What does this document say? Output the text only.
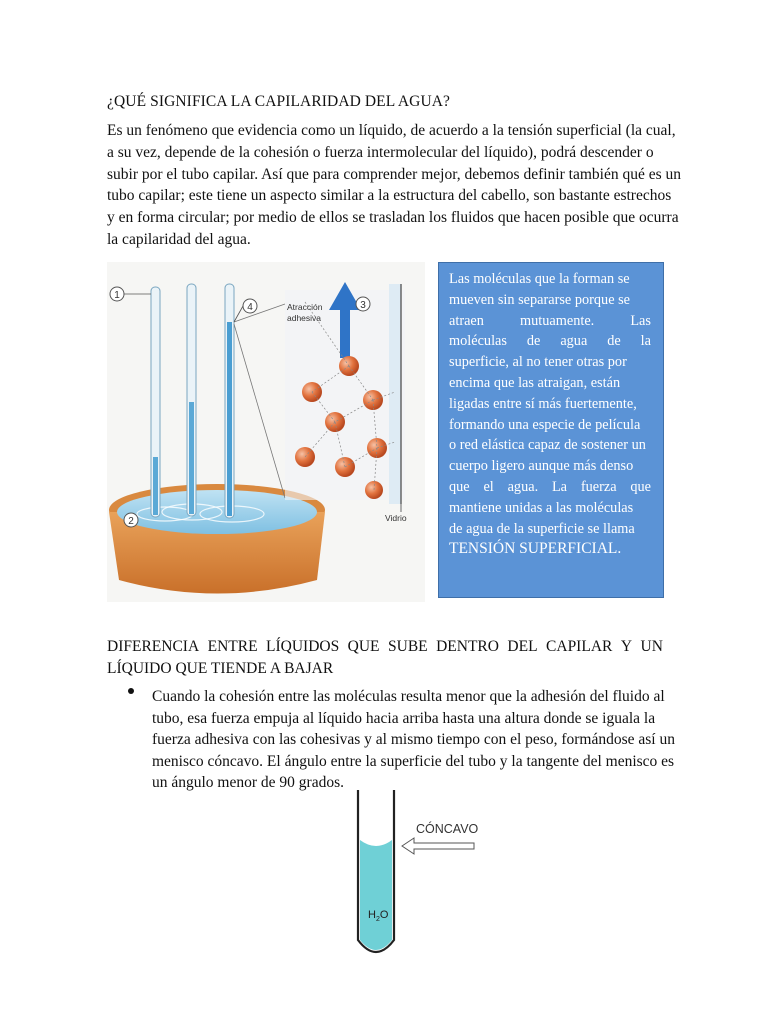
¿QUÉ SIGNIFICA LA CAPILARIDAD DEL AGUA?
Es un fenómeno que evidencia como un líquido, de acuerdo a la tensión superficial (la cual,
a su vez, depende de la cohesión o fuerza intermolecular del líquido), podrá descender o
subir por el tubo capilar. Así que para comprender mejor, debemos definir también qué es un
tubo capilar; este tiene un aspecto similar a la estructura del cabello, son bastante estrechos
y en forma circular; por medio de ellos se trasladan los fluidos que hacen posible que ocurra
la capilaridad del agua.
1
2
3
4	Atracción
adhesiva
Vidrio
Las moléculas que la forman se
mueven sin separarse porque se
atraen	mutuamente.	Las
moléculas de agua de la
superficie, al no tener otras por
encima que las atraigan, están
ligadas entre sí más fuertemente,
formando una especie de película
o red elástica capaz de sostener un
cuerpo ligero aunque más denso
que el agua. La fuerza que
mantiene unidas a las moléculas
de agua de la superficie se llama
TENSIÓN SUPERFICIAL.
DIFERENCIA ENTRE LÍQUIDOS QUE SUBE DENTRO DEL CAPILAR Y UN
LÍQUIDO QUE TIENDE A BAJAR
Cuando la cohesión entre las moléculas resulta menor que la adhesión del fluido al
tubo, esa fuerza empuja al líquido hacia arriba hasta una altura donde se iguala la
fuerza adhesiva con las cohesivas y al mismo tiempo con el peso, formándose así un
menisco cóncavo. El ángulo entre la superficie del tubo y la tangente del menisco es
un ángulo menor de 90 grados.
$H_2O$
CÓNCAVO
